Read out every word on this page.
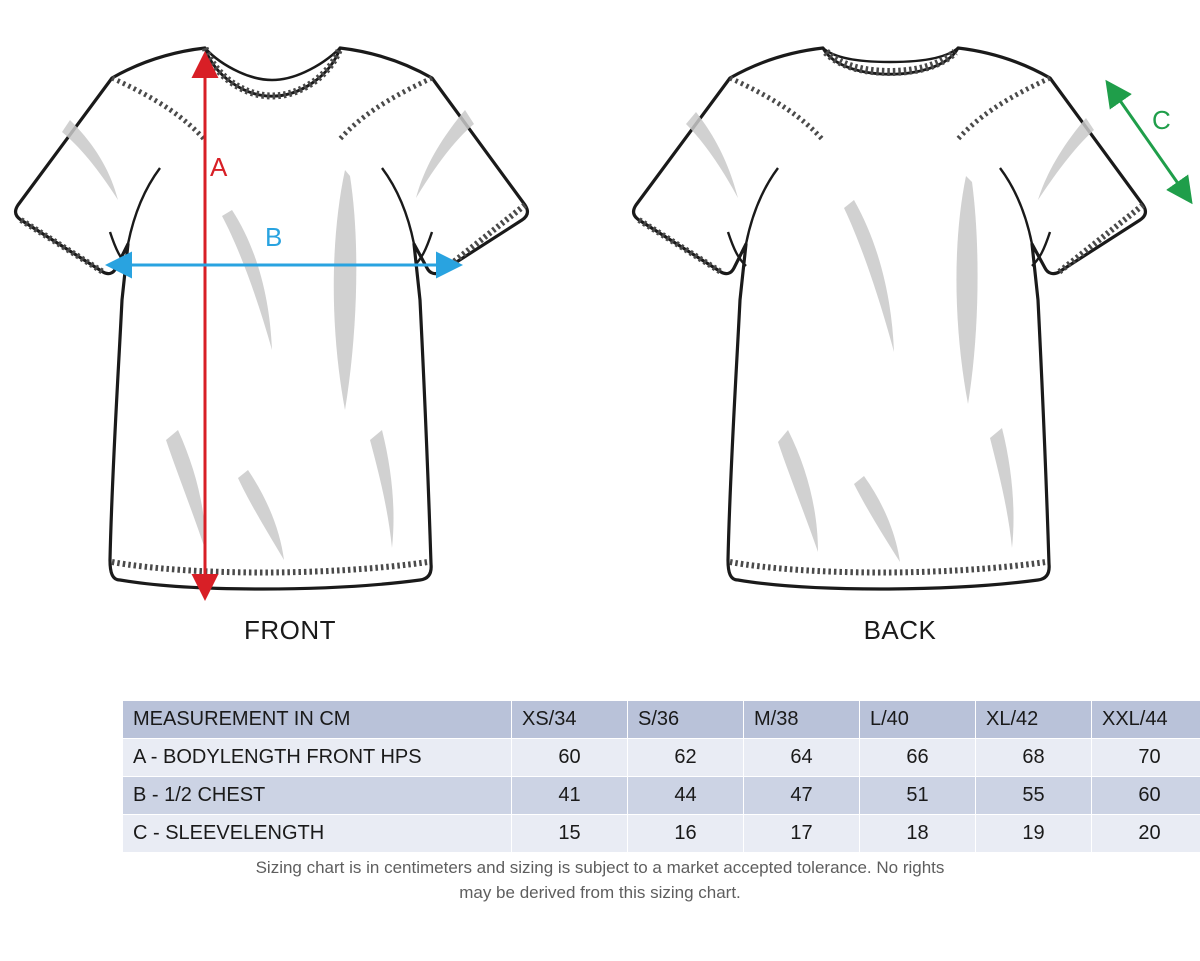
A
B
C
FRONT	BACK
MEASUREMENT IN CM	XS/34	S/36	M/38	L/40	XL/42	XXL/44
A - BODYLENGTH FRONT HPS	60	62	64	66	68	70
B - 1/2 CHEST	41	44	47	51	55	60
C - SLEEVELENGTH	15	16	17	18	19	20
Sizing chart is in centimeters and sizing is subject to a market accepted tolerance. No rights
may be derived from this sizing chart.
